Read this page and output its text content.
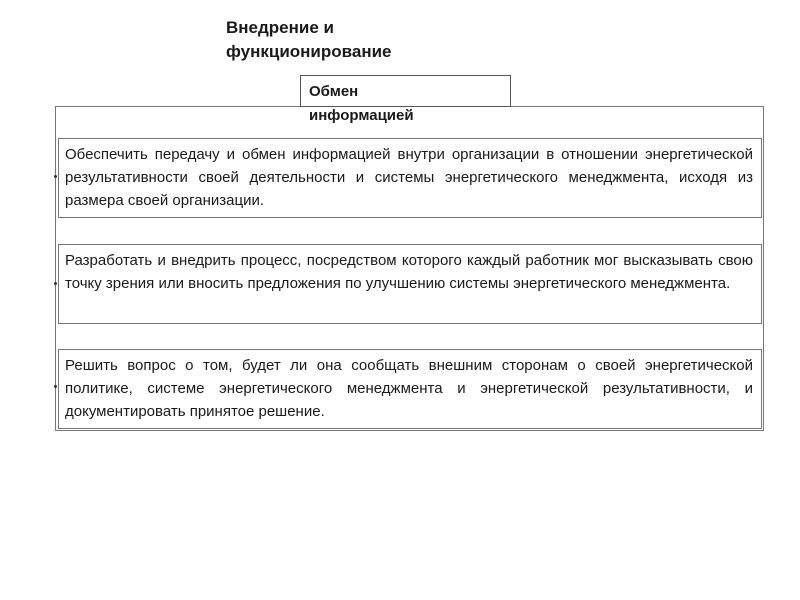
Внедрение и
функционирование
Обмен
информацией
Обеспечить передачу и обмен информацией внутри организации в отношении энергетической результативности своей деятельности и системы энергетического менеджмента, исходя из размера своей организации.
Разработать и внедрить процесс, посредством которого каждый работник мог высказывать свою точку зрения или вносить предложения по улучшению системы энергетического менеджмента.
Решить вопрос о том, будет ли она сообщать внешним сторонам о своей энергетической политике, системе энергетического менеджмента и энергетической результативности, и документировать принятое решение.
